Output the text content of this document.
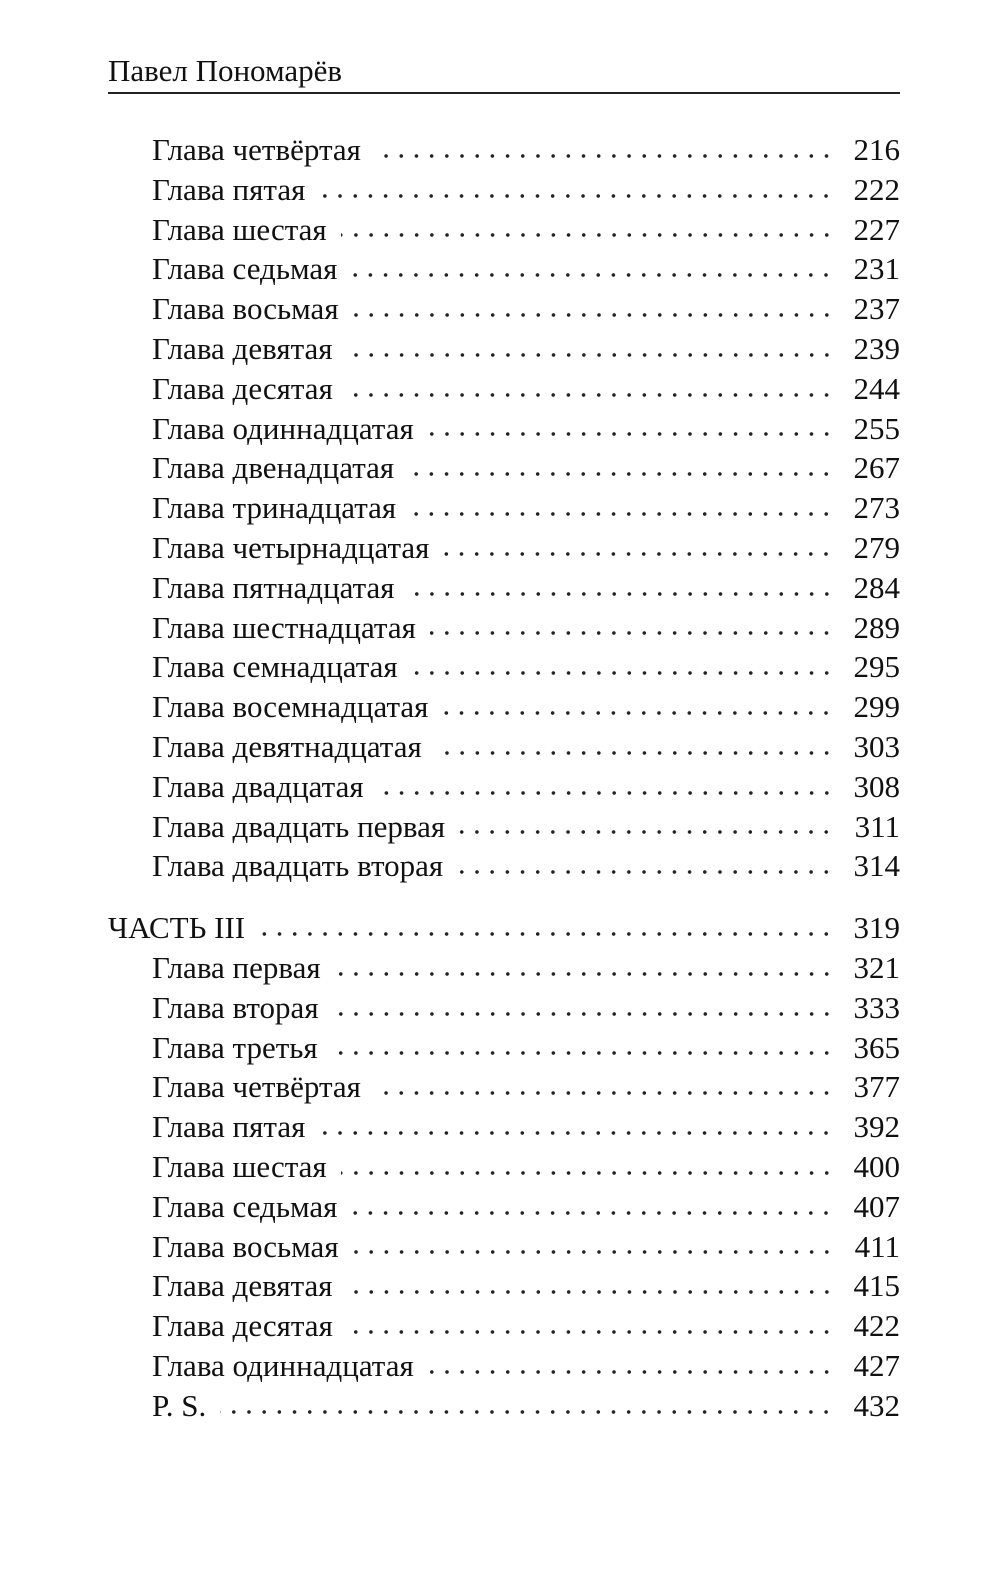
Павел Пономарёв
Глава четвёртая	216
Глава пятая	222
Глава шестая	227
Глава седьмая	231
Глава восьмая	237
Глава девятая	239
Глава десятая	244
Глава одиннадцатая	255
Глава двенадцатая	267
Глава тринадцатая	273
Глава четырнадцатая	279
Глава пятнадцатая	284
Глава шестнадцатая	289
Глава семнадцатая	295
Глава восемнадцатая	299
Глава девятнадцатая	303
Глава двадцатая	308
Глава двадцать первая	311
Глава двадцать вторая	314
ЧАСТЬ III	319
Глава первая	321
Глава вторая	333
Глава третья	365
Глава четвёртая	377
Глава пятая	392
Глава шестая	400
Глава седьмая	407
Глава восьмая	411
Глава девятая	415
Глава десятая	422
Глава одиннадцатая	427
P. S.	432
